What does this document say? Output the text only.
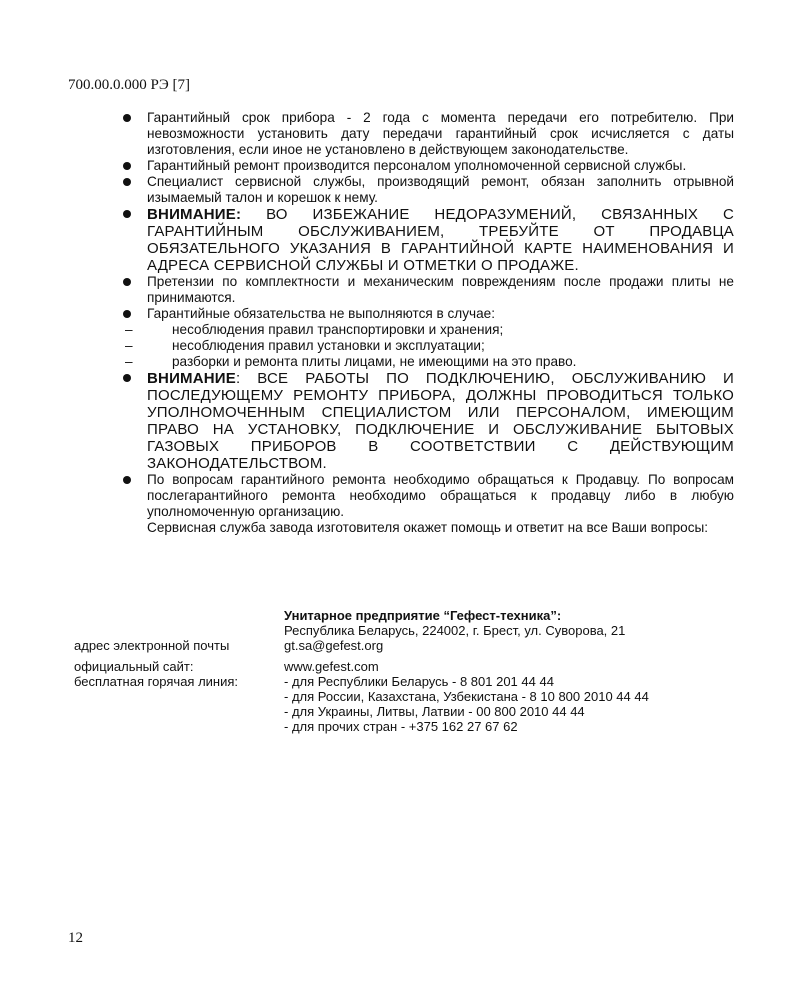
700.00.0.000 РЭ [7]
Гарантийный срок прибора - 2 года с момента передачи его потребителю. При невозможности установить дату передачи гарантийный срок исчисляется с даты изготовления, если иное не установлено в действующем законодательстве.
Гарантийный ремонт производится персоналом уполномоченной сервисной службы.
Специалист сервисной службы, производящий ремонт, обязан заполнить отрывной изымаемый талон и корешок к нему.
ВНИМАНИЕ: ВО ИЗБЕЖАНИЕ НЕДОРАЗУМЕНИЙ, СВЯЗАННЫХ С ГАРАНТИЙНЫМ ОБСЛУЖИВАНИЕМ, ТРЕБУЙТЕ ОТ ПРОДАВЦА ОБЯЗАТЕЛЬНОГО УКАЗАНИЯ В ГАРАНТИЙНОЙ КАРТЕ НАИМЕНОВАНИЯ И АДРЕСА СЕРВИСНОЙ СЛУЖБЫ И ОТМЕТКИ О ПРОДАЖЕ.
Претензии по комплектности и механическим повреждениям после продажи плиты не принимаются.
Гарантийные обязательства не выполняются в случае:
– несоблюдения правил транспортировки и хранения;
– несоблюдения правил установки и эксплуатации;
– разборки и ремонта плиты лицами, не имеющими на это право.
ВНИМАНИЕ: ВСЕ РАБОТЫ ПО ПОДКЛЮЧЕНИЮ, ОБСЛУЖИВАНИЮ И ПОСЛЕДУЮЩЕМУ РЕМОНТУ ПРИБОРА, ДОЛЖНЫ ПРОВОДИТЬСЯ ТОЛЬКО УПОЛНОМОЧЕННЫМ СПЕЦИАЛИСТОМ ИЛИ ПЕРСОНАЛОМ, ИМЕЮЩИМ ПРАВО НА УСТАНОВКУ, ПОДКЛЮЧЕНИЕ И ОБСЛУЖИВАНИЕ БЫТОВЫХ ГАЗОВЫХ ПРИБОРОВ В СООТВЕТСТВИИ С ДЕЙСТВУЮЩИМ ЗАКОНОДАТЕЛЬСТВОМ.
По вопросам гарантийного ремонта необходимо обращаться к Продавцу. По вопросам послегарантийного ремонта необходимо обращаться к продавцу либо в любую уполномоченную организацию.
Сервисная служба завода изготовителя окажет помощь и ответит на все Ваши вопросы:
Унитарное предприятие “Гефест-техника”:
Республика Беларусь, 224002, г. Брест, ул. Суворова, 21
адрес электронной почты	gt.sa@gefest.org
официальный сайт:	www.gefest.com
бесплатная горячая линия:	- для Республики Беларусь - 8 801 201 44 44
- для России, Казахстана, Узбекистана - 8 10 800 2010 44 44
- для Украины, Литвы, Латвии - 00 800 2010 44 44
- для прочих стран - +375 162 27 67 62
12
